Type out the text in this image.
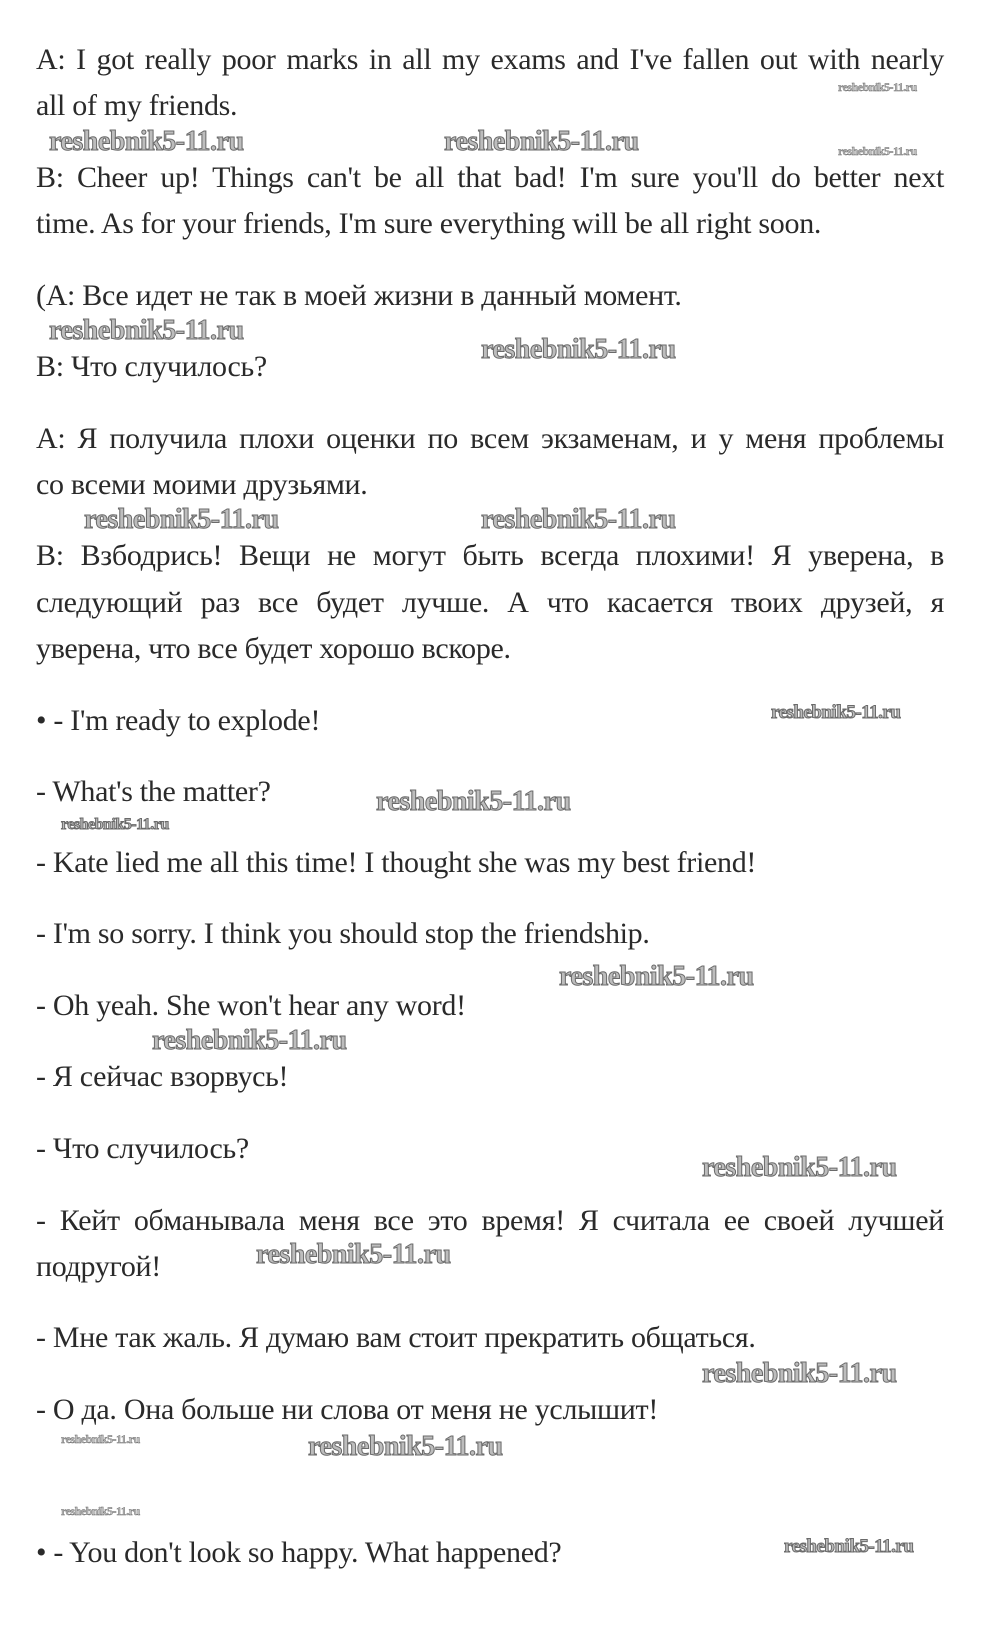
A: I got really poor marks in all my exams and I've fallen out with nearly
all of my friends.
B: Cheer up! Things can't be all that bad! I'm sure you'll do better next
time. As for your friends, I'm sure everything will be all right soon.
(A: Все идет не так в моей жизни в данный момент.
B: Что случилось?
A: Я получила плохи оценки по всем экзаменам, и у меня проблемы
со всеми моими друзьями.
B: Взбодрись! Вещи не могут быть всегда плохими! Я уверена, в
следующий раз все будет лучше. А что касается твоих друзей, я
уверена, что все будет хорошо вскоре.
• - I'm ready to explode!
- What's the matter?
- Kate lied me all this time! I thought she was my best friend!
- I'm so sorry. I think you should stop the friendship.
- Oh yeah. She won't hear any word!
- Я сейчас взорвусь!
- Что случилось?
- Кейт обманывала меня все это время! Я считала ее своей лучшей
подругой!
- Мне так жаль. Я думаю вам стоит прекратить общаться.
- О да. Она больше ни слова от меня не услышит!
• - You don't look so happy. What happened?
reshebnik5-11.ru
reshebnik5-11.ru	reshebnik5-11.ru	reshebnik5-11.ru
reshebnik5-11.ru
reshebnik5-11.ru
reshebnik5-11.ru	reshebnik5-11.ru
reshebnik5-11.ru
reshebnik5-11.ru
reshebnik5-11.ru
reshebnik5-11.ru
reshebnik5-11.ru
reshebnik5-11.ru
reshebnik5-11.ru
reshebnik5-11.ru
reshebnik5-11.ru	reshebnik5-11.ru
reshebnik5-11.ru
reshebnik5-11.ru
